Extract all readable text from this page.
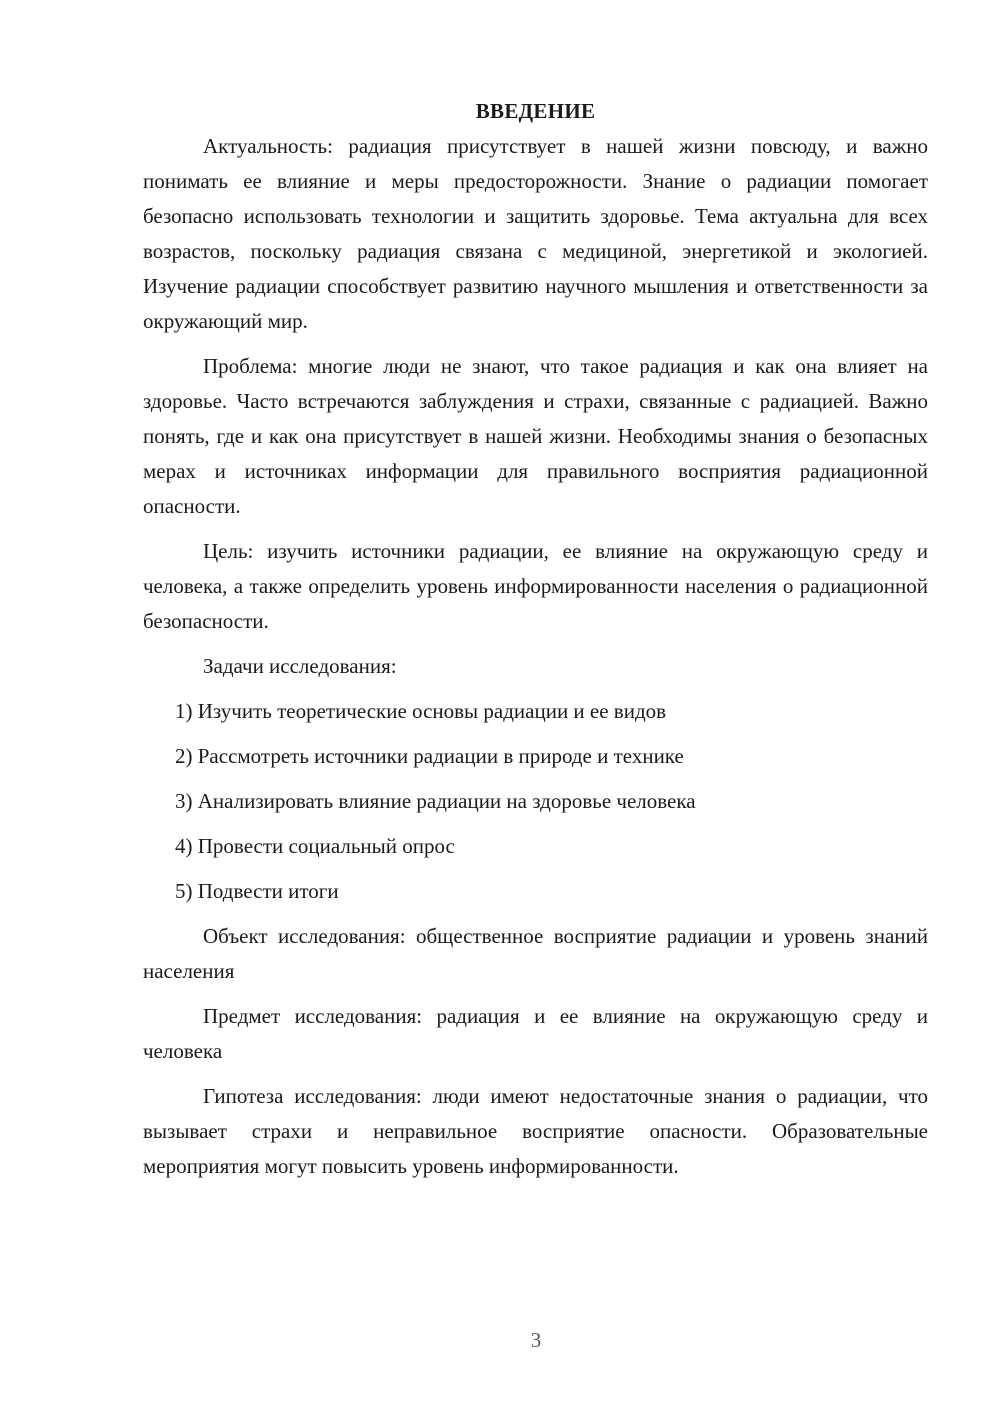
ВВЕДЕНИЕ

Актуальность: радиация присутствует в нашей жизни повсюду, и важно понимать ее влияние и меры предосторожности. Знание о радиации помогает безопасно использовать технологии и защитить здоровье. Тема актуальна для всех возрастов, поскольку радиация связана с медициной, энергетикой и экологией. Изучение радиации способствует развитию научного мышления и ответственности за окружающий мир.

Проблема: многие люди не знают, что такое радиация и как она влияет на здоровье. Часто встречаются заблуждения и страхи, связанные с радиацией. Важно понять, где и как она присутствует в нашей жизни. Необходимы знания о безопасных мерах и источниках информации для правильного восприятия радиационной опасности.

Цель: изучить источники радиации, ее влияние на окружающую среду и человека, а также определить уровень информированности населения о радиационной безопасности.

Задачи исследования:

1) Изучить теоретические основы радиации и ее видов
2) Рассмотреть источники радиации в природе и технике
3) Анализировать влияние радиации на здоровье человека
4) Провести социальный опрос
5) Подвести итоги

Объект исследования: общественное восприятие радиации и уровень знаний населения

Предмет исследования: радиация и ее влияние на окружающую среду и человека

Гипотеза исследования: люди имеют недостаточные знания о радиации, что вызывает страхи и неправильное восприятие опасности. Образовательные мероприятия могут повысить уровень информированности.

3
